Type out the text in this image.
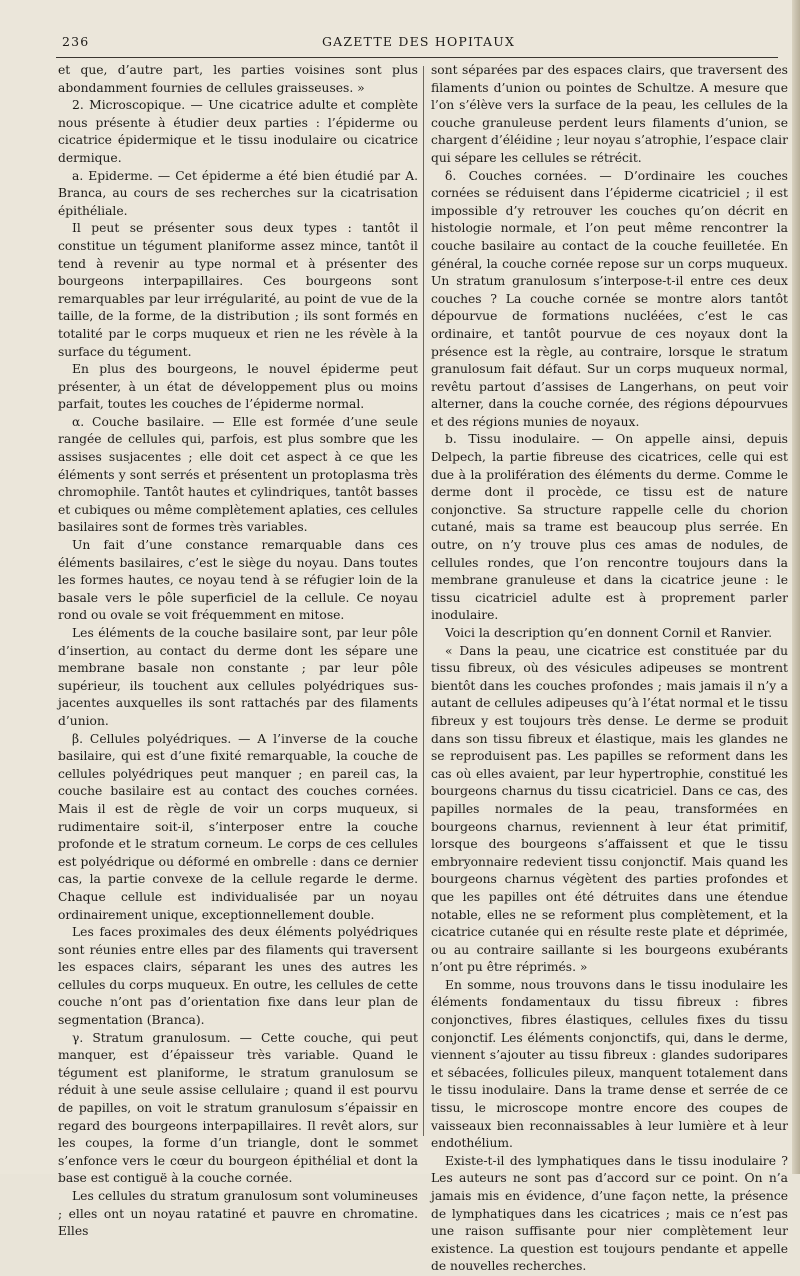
236	GAZETTE DES HOPITAUX

et que, d’autre part, les parties voisines sont plus abondamment fournies de cellules graisseuses. »

2. Microscopique. — Une cicatrice adulte et complète nous présente à étudier deux parties : l’épiderme ou cicatrice épidermique et le tissu inodulaire ou cicatrice dermique.

a. Epiderme. — Cet épiderme a été bien étudié par A. Branca, au cours de ses recherches sur la cicatrisation épithéliale.

Il peut se présenter sous deux types : tantôt il constitue un tégument planiforme assez mince, tantôt il tend à revenir au type normal et à présenter des bourgeons interpapillaires. Ces bourgeons sont remarquables par leur irrégularité, au point de vue de la taille, de la forme, de la distribution ; ils sont formés en totalité par le corps muqueux et rien ne les révèle à la surface du tégument.

En plus des bourgeons, le nouvel épiderme peut présenter, à un état de développement plus ou moins parfait, toutes les couches de l’épiderme normal.

α. Couche basilaire. — Elle est formée d’une seule rangée de cellules qui, parfois, est plus sombre que les assises susjacentes ; elle doit cet aspect à ce que les éléments y sont serrés et présentent un protoplasma très chromophile. Tantôt hautes et cylindriques, tantôt basses et cubiques ou même complètement aplaties, ces cellules basilaires sont de formes très variables.

Un fait d’une constance remarquable dans ces éléments basilaires, c’est le siège du noyau. Dans toutes les formes hautes, ce noyau tend à se réfugier loin de la basale vers le pôle superficiel de la cellule. Ce noyau rond ou ovale se voit fréquemment en mitose.

Les éléments de la couche basilaire sont, par leur pôle d’insertion, au contact du derme dont les sépare une membrane basale non constante ; par leur pôle supérieur, ils touchent aux cellules polyédriques sus-jacentes auxquelles ils sont rattachés par des filaments d’union.

β. Cellules polyédriques. — A l’inverse de la couche basilaire, qui est d’une fixité remarquable, la couche de cellules polyédriques peut manquer ; en pareil cas, la couche basilaire est au contact des couches cornées. Mais il est de règle de voir un corps muqueux, si rudimentaire soit-il, s’interposer entre la couche profonde et le stratum corneum. Le corps de ces cellules est polyédrique ou déformé en ombrelle : dans ce dernier cas, la partie convexe de la cellule regarde le derme. Chaque cellule est individualisée par un noyau ordinairement unique, exceptionnellement double.

Les faces proximales des deux éléments polyédriques sont réunies entre elles par des filaments qui traversent les espaces clairs, séparant les unes des autres les cellules du corps muqueux. En outre, les cellules de cette couche n’ont pas d’orientation fixe dans leur plan de segmentation (Branca).

γ. Stratum granulosum. — Cette couche, qui peut manquer, est d’épaisseur très variable. Quand le tégument est planiforme, le stratum granulosum se réduit à une seule assise cellulaire ; quand il est pourvu de papilles, on voit le stratum granulosum s’épaissir en regard des bourgeons interpapillaires. Il revêt alors, sur les coupes, la forme d’un triangle, dont le sommet s’enfonce vers le cœur du bourgeon épithélial et dont la base est contiguë à la couche cornée.

Les cellules du stratum granulosum sont volumineuses ; elles ont un noyau ratatiné et pauvre en chromatine. Elles

sont séparées par des espaces clairs, que traversent des filaments d’union ou pointes de Schultze. A mesure que l’on s’élève vers la surface de la peau, les cellules de la couche granuleuse perdent leurs filaments d’union, se chargent d’éléidine ; leur noyau s’atrophie, l’espace clair qui sépare les cellules se rétrécit.

δ. Couches cornées. — D’ordinaire les couches cornées se réduisent dans l’épiderme cicatriciel ; il est impossible d’y retrouver les couches qu’on décrit en histologie normale, et l’on peut même rencontrer la couche basilaire au contact de la couche feuilletée. En général, la couche cornée repose sur un corps muqueux. Un stratum granulosum s’interpose-t-il entre ces deux couches ? La couche cornée se montre alors tantôt dépourvue de formations nucléées, c’est le cas ordinaire, et tantôt pourvue de ces noyaux dont la présence est la règle, au contraire, lorsque le stratum granulosum fait défaut. Sur un corps muqueux normal, revêtu partout d’assises de Langerhans, on peut voir alterner, dans la couche cornée, des régions dépourvues et des régions munies de noyaux.

b. Tissu inodulaire. — On appelle ainsi, depuis Delpech, la partie fibreuse des cicatrices, celle qui est due à la prolifération des éléments du derme. Comme le derme dont il procède, ce tissu est de nature conjonctive. Sa structure rappelle celle du chorion cutané, mais sa trame est beaucoup plus serrée. En outre, on n’y trouve plus ces amas de nodules, de cellules rondes, que l’on rencontre toujours dans la membrane granuleuse et dans la cicatrice jeune : le tissu cicatriciel adulte est à proprement parler inodulaire.

Voici la description qu’en donnent Cornil et Ranvier.

« Dans la peau, une cicatrice est constituée par du tissu fibreux, où des vésicules adipeuses se montrent bientôt dans les couches profondes ; mais jamais il n’y a autant de cellules adipeuses qu’à l’état normal et le tissu fibreux y est toujours très dense. Le derme se produit dans son tissu fibreux et élastique, mais les glandes ne se reproduisent pas. Les papilles se reforment dans les cas où elles avaient, par leur hypertrophie, constitué les bourgeons charnus du tissu cicatriciel. Dans ce cas, des papilles normales de la peau, transformées en bourgeons charnus, reviennent à leur état primitif, lorsque des bourgeons s’affaissent et que le tissu embryonnaire redevient tissu conjonctif. Mais quand les bourgeons charnus végètent des parties profondes et que les papilles ont été détruites dans une étendue notable, elles ne se reforment plus complètement, et la cicatrice cutanée qui en résulte reste plate et déprimée, ou au contraire saillante si les bourgeons exubérants n’ont pu être réprimés. »

En somme, nous trouvons dans le tissu inodulaire les éléments fondamentaux du tissu fibreux : fibres conjonctives, fibres élastiques, cellules fixes du tissu conjonctif. Les éléments conjonctifs, qui, dans le derme, viennent s’ajouter au tissu fibreux : glandes sudoripares et sébacées, follicules pileux, manquent totalement dans le tissu inodulaire. Dans la trame dense et serrée de ce tissu, le microscope montre encore des coupes de vaisseaux bien reconnaissables à leur lumière et à leur endothélium.

Existe-t-il des lymphatiques dans le tissu inodulaire ? Les auteurs ne sont pas d’accord sur ce point. On n’a jamais mis en évidence, d’une façon nette, la présence de lymphatiques dans les cicatrices ; mais ce n’est pas une raison suffisante pour nier complètement leur existence. La question est toujours pendante et appelle de nouvelles recherches.
